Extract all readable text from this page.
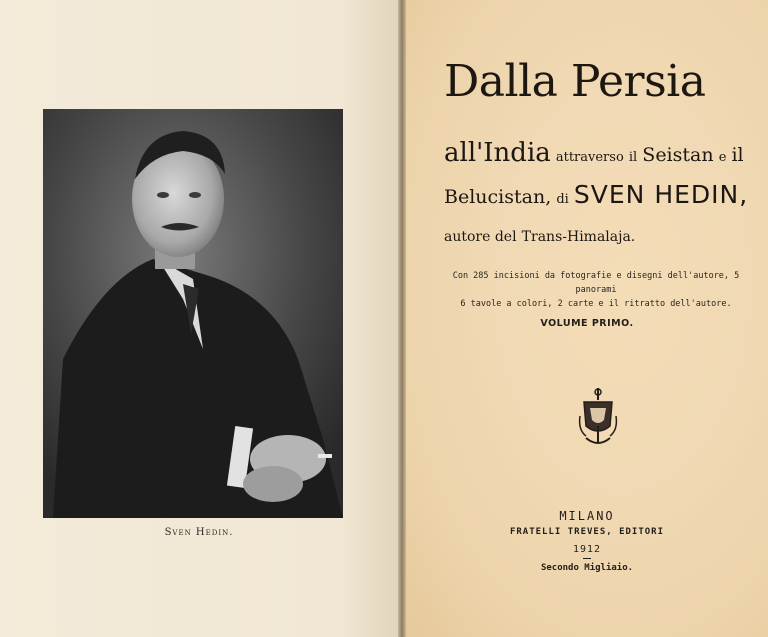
Sven Hedin.
Dalla Persia
all'India attraverso il Seistan e il
Belucistan, di SVEN HEDIN,
autore del Trans-Himalaja.
Con 285 incisioni da fotografie e disegni dell'autore, 5 panorami
6 tavole a colori, 2 carte e il ritratto dell'autore.
VOLUME PRIMO.
MILANO
FRATELLI TREVES, EDITORI
1912
Secondo Migliaio.
